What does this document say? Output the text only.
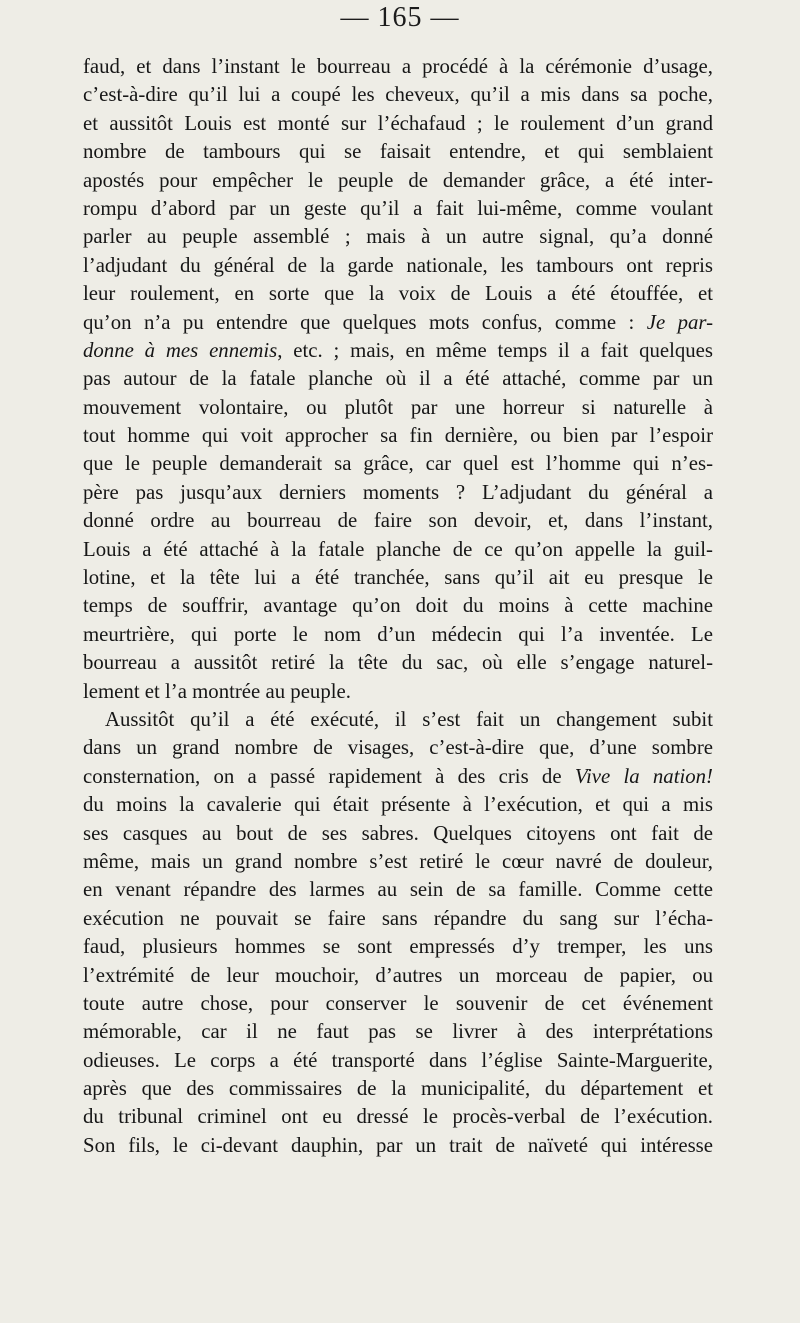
— 165 —
faud, et dans l’instant le bourreau a procédé à la cérémonie d’usage,
c’est-à-dire qu’il lui a coupé les cheveux, qu’il a mis dans sa poche,
et aussitôt Louis est monté sur l’échafaud ; le roulement d’un grand
nombre de tambours qui se faisait entendre, et qui semblaient
apostés pour empêcher le peuple de demander grâce, a été inter-
rompu d’abord par un geste qu’il a fait lui-même, comme voulant
parler au peuple assemblé ; mais à un autre signal, qu’a donné
l’adjudant du général de la garde nationale, les tambours ont repris
leur roulement, en sorte que la voix de Louis a été étouffée, et
qu’on n’a pu entendre que quelques mots confus, comme : Je par-
donne à mes ennemis, etc. ; mais, en même temps il a fait quelques
pas autour de la fatale planche où il a été attaché, comme par un
mouvement volontaire, ou plutôt par une horreur si naturelle à
tout homme qui voit approcher sa fin dernière, ou bien par l’espoir
que le peuple demanderait sa grâce, car quel est l’homme qui n’es-
père pas jusqu’aux derniers moments ? L’adjudant du général a
donné ordre au bourreau de faire son devoir, et, dans l’instant,
Louis a été attaché à la fatale planche de ce qu’on appelle la guil-
lotine, et la tête lui a été tranchée, sans qu’il ait eu presque le
temps de souffrir, avantage qu’on doit du moins à cette machine
meurtrière, qui porte le nom d’un médecin qui l’a inventée. Le
bourreau a aussitôt retiré la tête du sac, où elle s’engage naturel-
lement et l’a montrée au peuple.
Aussitôt qu’il a été exécuté, il s’est fait un changement subit
dans un grand nombre de visages, c’est-à-dire que, d’une sombre
consternation, on a passé rapidement à des cris de Vive la nation!
du moins la cavalerie qui était présente à l’exécution, et qui a mis
ses casques au bout de ses sabres. Quelques citoyens ont fait de
même, mais un grand nombre s’est retiré le cœur navré de douleur,
en venant répandre des larmes au sein de sa famille. Comme cette
exécution ne pouvait se faire sans répandre du sang sur l’écha-
faud, plusieurs hommes se sont empressés d’y tremper, les uns
l’extrémité de leur mouchoir, d’autres un morceau de papier, ou
toute autre chose, pour conserver le souvenir de cet événement
mémorable, car il ne faut pas se livrer à des interprétations
odieuses. Le corps a été transporté dans l’église Sainte-Marguerite,
après que des commissaires de la municipalité, du département et
du tribunal criminel ont eu dressé le procès-verbal de l’exécution.
Son fils, le ci-devant dauphin, par un trait de naïveté qui intéresse
